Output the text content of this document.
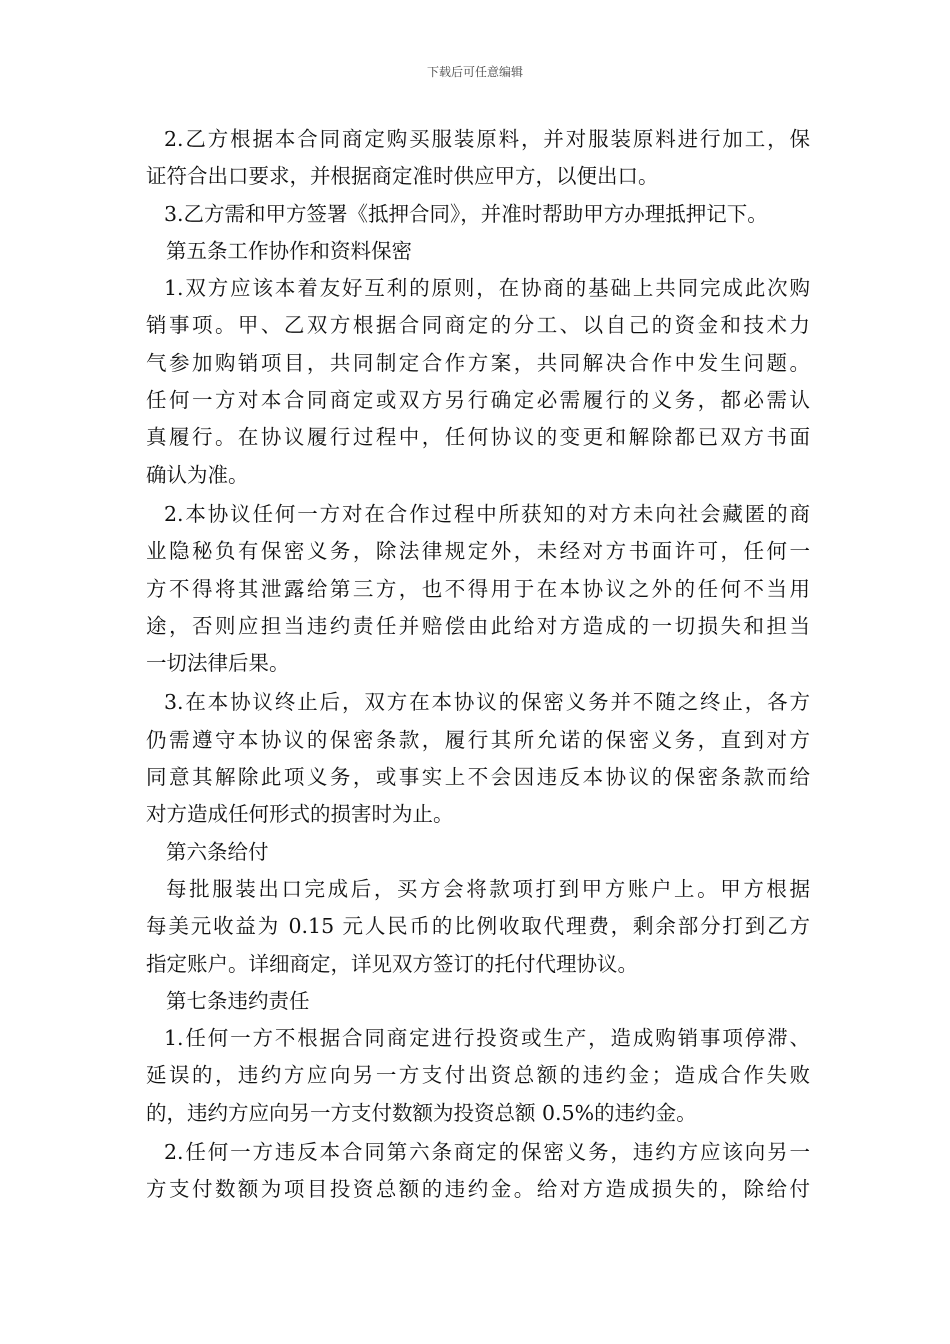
下载后可任意编辑
2.乙方根据本合同商定购买服装原料，并对服装原料进行加工，保
证符合出口要求，并根据商定准时供应甲方，以便出口。
3.乙方需和甲方签署《抵押合同》，并准时帮助甲方办理抵押记下。
第五条工作协作和资料保密
1.双方应该本着友好互利的原则，在协商的基础上共同完成此次购
销事项。甲、乙双方根据合同商定的分工、以自己的资金和技术力
气参加购销项目，共同制定合作方案，共同解决合作中发生问题。
任何一方对本合同商定或双方另行确定必需履行的义务，都必需认
真履行。在协议履行过程中，任何协议的变更和解除都已双方书面
确认为准。
2.本协议任何一方对在合作过程中所获知的对方未向社会藏匿的商
业隐秘负有保密义务，除法律规定外，未经对方书面许可，任何一
方不得将其泄露给第三方，也不得用于在本协议之外的任何不当用
途，否则应担当违约责任并赔偿由此给对方造成的一切损失和担当
一切法律后果。
3.在本协议终止后，双方在本协议的保密义务并不随之终止，各方
仍需遵守本协议的保密条款，履行其所允诺的保密义务，直到对方
同意其解除此项义务，或事实上不会因违反本协议的保密条款而给
对方造成任何形式的损害时为止。
第六条给付
每批服装出口完成后，买方会将款项打到甲方账户上。甲方根据
每美元收益为 0.15 元人民币的比例收取代理费，剩余部分打到乙方
指定账户。详细商定，详见双方签订的托付代理协议。
第七条违约责任
1.任何一方不根据合同商定进行投资或生产，造成购销事项停滞、
延误的，违约方应向另一方支付出资总额的违约金；造成合作失败
的，违约方应向另一方支付数额为投资总额 0.5%的违约金。
2.任何一方违反本合同第六条商定的保密义务，违约方应该向另一
方支付数额为项目投资总额的违约金。给对方造成损失的，除给付
